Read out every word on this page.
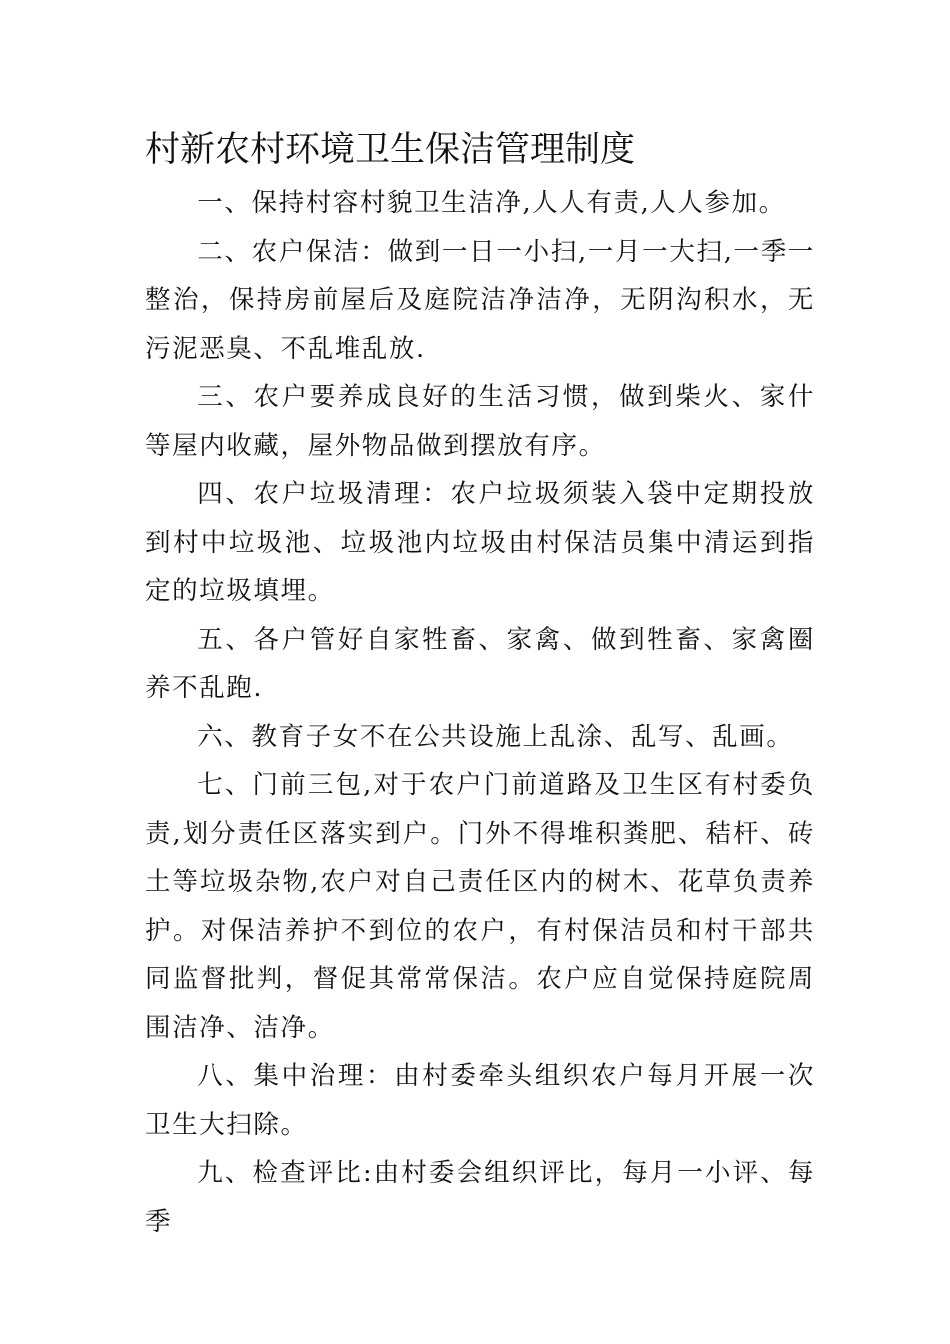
村新农村环境卫生保洁管理制度

一、保持村容村貌卫生洁净,人人有责,人人参加。

二、农户保洁：做到一日一小扫,一月一大扫,一季一整治，保持房前屋后及庭院洁净洁净，无阴沟积水，无污泥恶臭、不乱堆乱放.

三、农户要养成良好的生活习惯，做到柴火、家什等屋内收藏，屋外物品做到摆放有序。

四、农户垃圾清理：农户垃圾须装入袋中定期投放到村中垃圾池、垃圾池内垃圾由村保洁员集中清运到指定的垃圾填埋。

五、各户管好自家牲畜、家禽、做到牲畜、家禽圈养不乱跑.

六、教育子女不在公共设施上乱涂、乱写、乱画。

七、门前三包,对于农户门前道路及卫生区有村委负责,划分责任区落实到户。门外不得堆积粪肥、秸杆、砖土等垃圾杂物,农户对自己责任区内的树木、花草负责养护。对保洁养护不到位的农户，有村保洁员和村干部共同监督批判，督促其常常保洁。农户应自觉保持庭院周围洁净、洁净。

八、集中治理：由村委牵头组织农户每月开展一次卫生大扫除。

九、检查评比:由村委会组织评比，每月一小评、每季
